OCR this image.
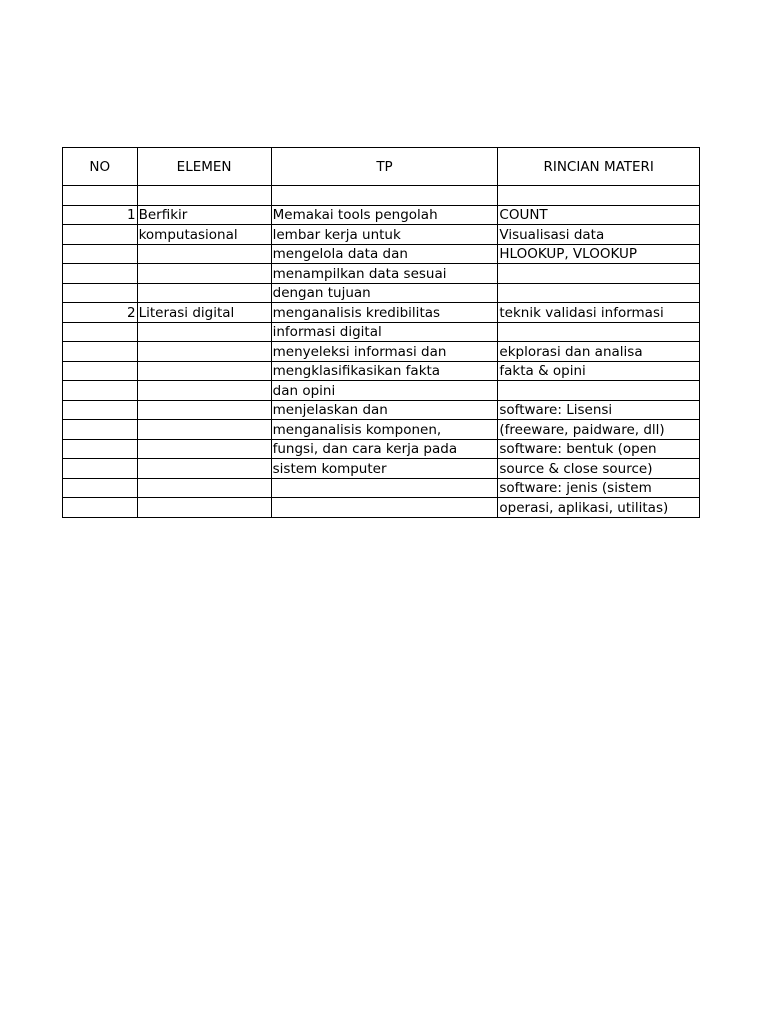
NO	ELEMEN	TP	RINCIAN MATERI

1	Berfikir	Memakai tools pengolah	COUNT
	komputasional	lembar kerja untuk	Visualisasi data
		mengelola data dan	HLOOKUP, VLOOKUP
		menampilkan data sesuai	
		dengan tujuan	
2	Literasi digital	menganalisis kredibilitas	teknik validasi informasi
		informasi digital	
		menyeleksi informasi dan	ekplorasi dan analisa
		mengklasifikasikan fakta	fakta & opini
		dan opini	
		menjelaskan dan	software: Lisensi
		menganalisis komponen,	(freeware, paidware, dll)
		fungsi, dan cara kerja pada	software: bentuk (open
		sistem komputer	source & close source)
			software: jenis (sistem
			operasi, aplikasi, utilitas)
